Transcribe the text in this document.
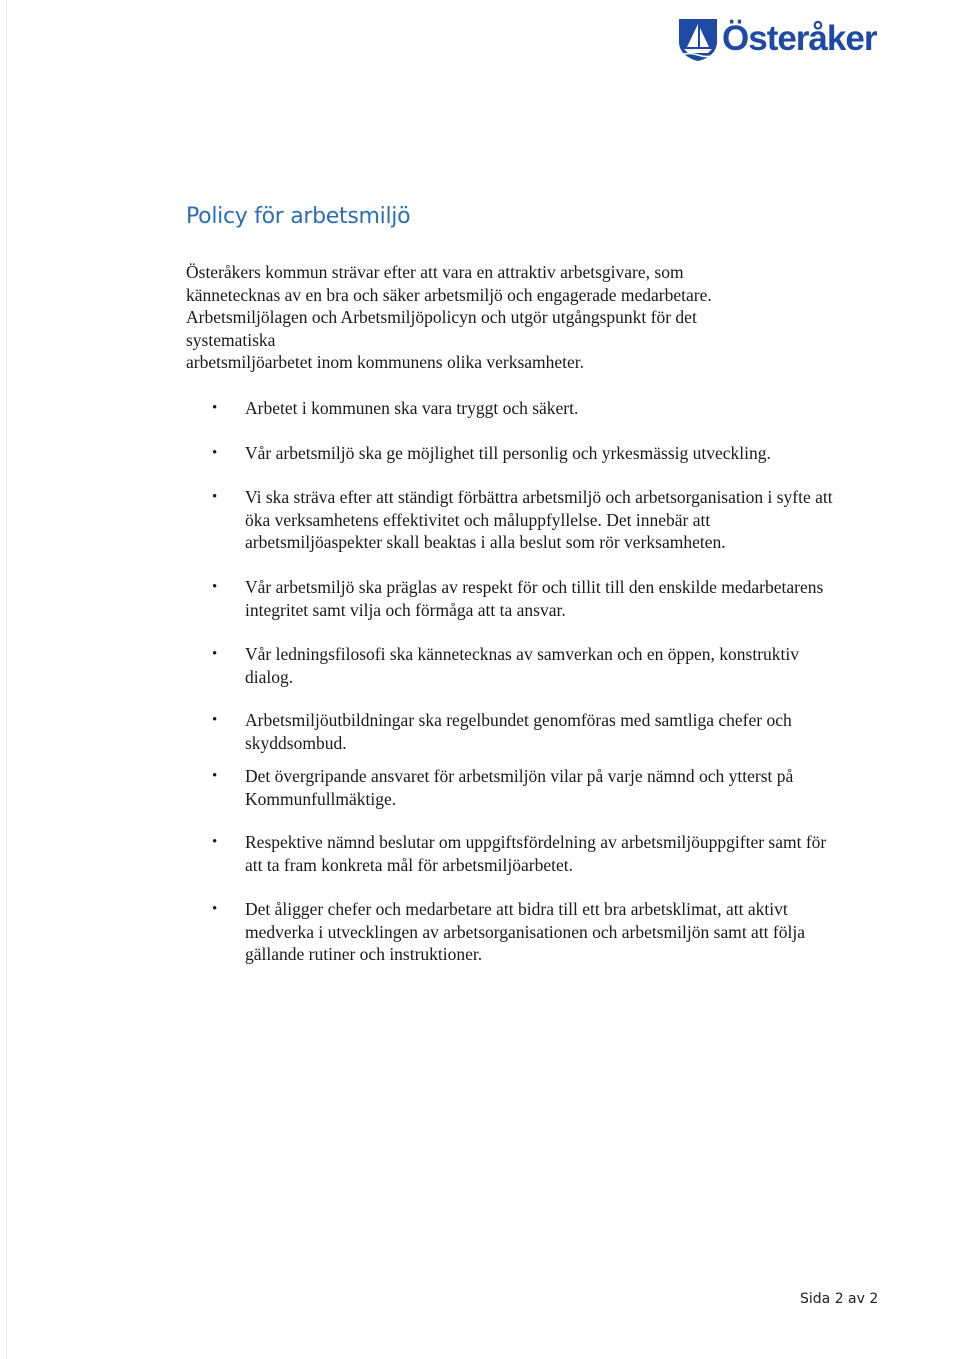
Österåker
Policy för arbetsmiljö
Österåkers kommun strävar efter att vara en attraktiv arbetsgivare, som
kännetecknas av en bra och säker arbetsmiljö och engagerade medarbetare.
Arbetsmiljölagen och Arbetsmiljöpolicyn och utgör utgångspunkt för det
systematiska
arbetsmiljöarbetet inom kommunens olika verksamheter.
• Arbetet i kommunen ska vara tryggt och säkert.
• Vår arbetsmiljö ska ge möjlighet till personlig och yrkesmässig utveckling.
• Vi ska sträva efter att ständigt förbättra arbetsmiljö och arbetsorganisation i syfte att öka verksamhetens effektivitet och måluppfyllelse. Det innebär att arbetsmiljöaspekter skall beaktas i alla beslut som rör verksamheten.
• Vår arbetsmiljö ska präglas av respekt för och tillit till den enskilde medarbetarens integritet samt vilja och förmåga att ta ansvar.
• Vår ledningsfilosofi ska kännetecknas av samverkan och en öppen, konstruktiv dialog.
• Arbetsmiljöutbildningar ska regelbundet genomföras med samtliga chefer och skyddsombud.
• Det övergripande ansvaret för arbetsmiljön vilar på varje nämnd och ytterst på Kommunfullmäktige.
• Respektive nämnd beslutar om uppgiftsfördelning av arbetsmiljöuppgifter samt för att ta fram konkreta mål för arbetsmiljöarbetet.
• Det åligger chefer och medarbetare att bidra till ett bra arbetsklimat, att aktivt medverka i utvecklingen av arbetsorganisationen och arbetsmiljön samt att följa gällande rutiner och instruktioner.
Sida 2 av 2
